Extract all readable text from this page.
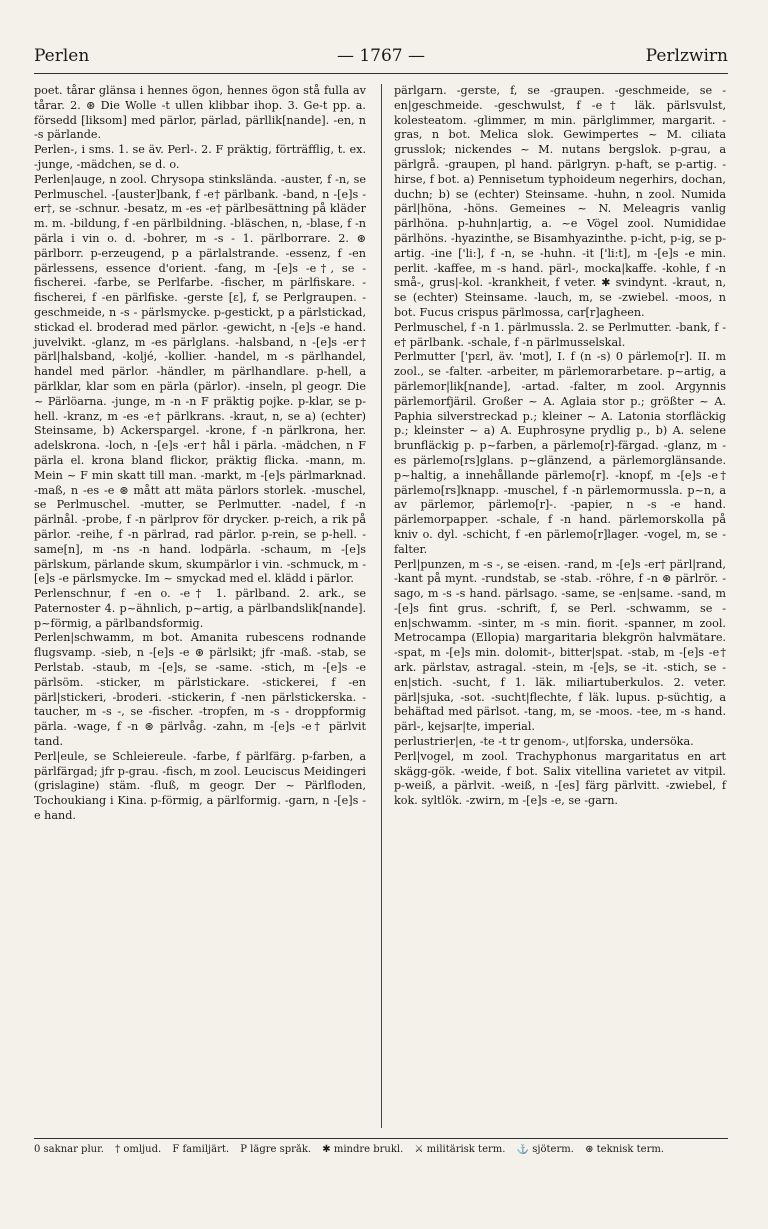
Perlen	— 1767 —	Perlzwirn

poet. tårar glänsa i hennes ögon, hennes ögon stå fulla av tårar. 2. ⊛ Die Wolle -t ullen klibbar ihop. 3. Ge-t pp. a. försedd [liksom] med pärlor, pärlad, pärllik[nande]. -en, n -s pärlande.

Perlen-, i sms. 1. se äv. Perl-. 2. F präktig, förträfflig, t. ex. -junge, -mädchen, se d. o.

Perlen|auge, n zool. Chrysopa stinkslända. -auster, f -n, se Perlmuschel. -[auster]bank, f -e† pärlbank. -band, n -[e]s -er†, se -schnur. -besatz, m -es -e† pärlbesättning på kläder m. m. -bildung, f -en pärlbildning. -bläschen, n, -blase, f -n pärla i vin o. d. -bohrer, m -s - 1. pärlborrare. 2. ⊛ pärlborr. p-erzeugend, p a pärlalstrande. -essenz, f -en pärlessens, essence d'orient. -fang, m -[e]s -e†, se -fischerei. -farbe, se Perlfarbe. -fischer, m pärlfiskare. -fischerei, f -en pärlfiske. -gerste [ɛ], f, se Perlgraupen. -geschmeide, n -s - pärlsmycke. p-gestickt, p a pärlstickad, stickad el. broderad med pärlor. -gewicht, n -[e]s -e hand. juvelvikt. -glanz, m -es pärlglans. -halsband, n -[e]s -er† pärl|halsband, -koljé, -kollier. -handel, m -s pärlhandel, handel med pärlor. -händler, m pärlhandlare. p-hell, a pärlklar, klar som en pärla (pärlor). -inseln, pl geogr. Die ~ Pärlöarna. -junge, m -n -n F präktig pojke. p-klar, se p-hell. -kranz, m -es -e† pärlkrans. -kraut, n, se a) (echter) Steinsame, b) Ackerspargel. -krone, f -n pärlkrona, her. adelskrona. -loch, n -[e]s -er† hål i pärla. -mädchen, n F pärla el. krona bland flickor, präktig flicka. -mann, m. Mein ~ F min skatt till man. -markt, m -[e]s pärlmarknad. -maß, n -es -e ⊛ mått att mäta pärlors storlek. -muschel, se Perlmuschel. -mutter, se Perlmutter. -nadel, f -n pärlnål. -probe, f -n pärlprov för drycker. p-reich, a rik på pärlor. -reihe, f -n pärlrad, rad pärlor. p-rein, se p-hell. -same[n], m -ns -n hand. lodpärla. -schaum, m -[e]s pärlskum, pärlande skum, skumpärlor i vin. -schmuck, m -[e]s -e pärlsmycke. Im ~ smyckad med el. klädd i pärlor.

Perlenschnur, f -en o. -e† 1. pärlband. 2. ark., se Paternoster 4. p~ähnlich, p~artig, a pärlbandslik[nande]. p~förmig, a pärlbandsformig.

Perlen|schwamm, m bot. Amanita rubescens rodnande flugsvamp. -sieb, n -[e]s -e ⊛ pärlsikt; jfr -maß. -stab, se Perlstab. -staub, m -[e]s, se -same. -stich, m -[e]s -e pärlsöm. -sticker, m pärlstickare. -stickerei, f -en pärl|stickeri, -broderi. -stickerin, f -nen pärlstickerska. -taucher, m -s -, se -fischer. -tropfen, m -s - droppformig pärla. -wage, f -n ⊛ pärlvåg. -zahn, m -[e]s -e† pärlvit tand.

Perl|eule, se Schleiereule. -farbe, f pärlfärg. p-farben, a pärlfärgad; jfr p-grau. -fisch, m zool. Leuciscus Meidingeri (grislagine) stäm. -fluß, m geogr. Der ~ Pärlfloden, Tochoukiang i Kina. p-förmig, a pärlformig. -garn, n -[e]s -e hand.

pärlgarn. -gerste, f, se -graupen. -geschmeide, se -en|geschmeide. -geschwulst, f -e† läk. pärlsvulst, kolesteatom. -glimmer, m min. pärlglimmer, margarit. -gras, n bot. Melica slok. Gewimpertes ~ M. ciliata grusslok; nickendes ~ M. nutans bergslok. p-grau, a pärlgrå. -graupen, pl hand. pärlgryn. p-haft, se p-artig. -hirse, f bot. a) Pennisetum typhoideum negerhirs, dochan, duchn; b) se (echter) Steinsame. -huhn, n zool. Numida pärl|höna, -höns. Gemeines ~ N. Meleagris vanlig pärlhöna. p-huhn|artig, a. ~e Vögel zool. Numididae pärlhöns. -hyazinthe, se Bisamhyazinthe. p-icht, p-ig, se p-artig. -ine ['li:], f -n, se -huhn. -it ['li:t], m -[e]s -e min. perlit. -kaffee, m -s hand. pärl-, mocka|kaffe. -kohle, f -n små-, grus|-kol. -krankheit, f veter. ✱ svindynt. -kraut, n, se (echter) Steinsame. -lauch, m, se -zwiebel. -moos, n bot. Fucus crispus pärlmossa, car[r]agheen.

Perlmuschel, f -n 1. pärlmussla. 2. se Perlmutter. -bank, f -e† pärlbank. -schale, f -n pärlmusselskal.

Perlmutter ['pɛrl, äv. 'mʊt], I. f (n -s) 0 pärlemo[r]. II. m zool., se -falter. -arbeiter, m pärlemorarbetare. p~artig, a pärlemor|lik[nande], -artad. -falter, m zool. Argynnis pärlemorfjäril. Großer ~ A. Aglaia stor p.; größter ~ A. Paphia silverstreckad p.; kleiner ~ A. Latonia storfläckig p.; kleinster ~ a) A. Euphrosyne prydlig p., b) A. selene brunfläckig p. p~farben, a pärlemo[r]-färgad. -glanz, m -es pärlemo[rs]glans. p~glänzend, a pärlemorglänsande. p~haltig, a innehållande pärlemo[r]. -knopf, m -[e]s -e† pärlemo[rs]knapp. -muschel, f -n pärlemormussla. p~n, a av pärlemor, pärlemo[r]-. -papier, n -s -e hand. pärlemorpapper. -schale, f -n hand. pärlemorskolla på kniv o. dyl. -schicht, f -en pärlemo[r]lager. -vogel, m, se -falter.

Perl|punzen, m -s -, se -eisen. -rand, m -[e]s -er† pärl|rand, -kant på mynt. -rundstab, se -stab. -röhre, f -n ⊛ pärlrör. -sago, m -s -s hand. pärlsago. -same, se -en|same. -sand, m -[e]s fint grus. -schrift, f, se Perl. -schwamm, se -en|schwamm. -sinter, m -s min. fiorit. -spanner, m zool. Metrocampa (Ellopia) margaritaria blekgrön halvmätare. -spat, m -[e]s min. dolomit-, bitter|spat. -stab, m -[e]s -e† ark. pärlstav, astragal. -stein, m -[e]s, se -it. -stich, se -en|stich. -sucht, f 1. läk. miliartuberkulos. 2. veter. pärl|sjuka, -sot. -sucht|flechte, f läk. lupus. p-süchtig, a behäftad med pärlsot. -tang, m, se -moos. -tee, m -s hand. pärl-, kejsar|te, imperial.

perlustrier|en, -te -t tr genom-, ut|forska, undersöka.

Perl|vogel, m zool. Trachyphonus margaritatus en art skägg-gök. -weide, f bot. Salix vitellina varietet av vitpil. p-weiß, a pärlvit. -weiß, n -[es] färg pärlvitt. -zwiebel, f kok. syltlök. -zwirn, m -[e]s -e, se -garn.

0 saknar plur. † omljud. F familjärt. P lägre språk. ✱ mindre brukl. ⚔ militärisk term. ⚓ sjöterm. ⊛ teknisk term.
